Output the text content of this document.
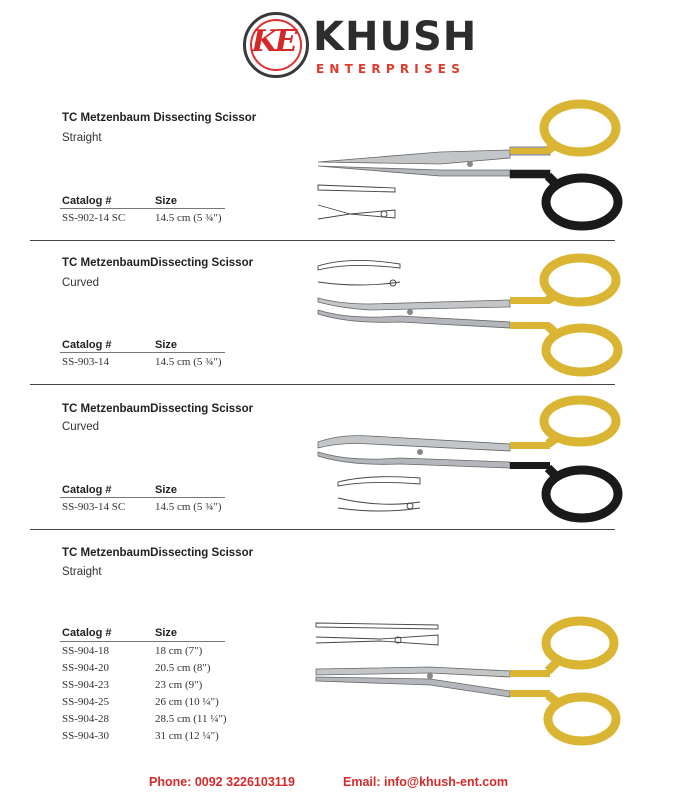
KE KHUSH
ENTERPRISES
TC Metzenbaum Dissecting Scissor
Straight
Catalog #	Size
SS-902-14 SC	14.5 cm (5 ¾")
TC MetzenbaumDissecting Scissor
Curved
Catalog #	Size
SS-903-14	14.5 cm (5 ¾")
TC MetzenbaumDissecting Scissor
Curved
Catalog #	Size
SS-903-14 SC	14.5 cm (5 ¾")
TC MetzenbaumDissecting Scissor
Straight
Catalog #	Size
SS-904-18	18 cm (7")
SS-904-20	20.5 cm (8")
SS-904-23	23 cm (9")
SS-904-25	26 cm (10 ¼")
SS-904-28	28.5 cm (11 ¼")
SS-904-30	31 cm (12 ¼")
Phone: 0092 3226103119	Email: info@khush-ent.com
